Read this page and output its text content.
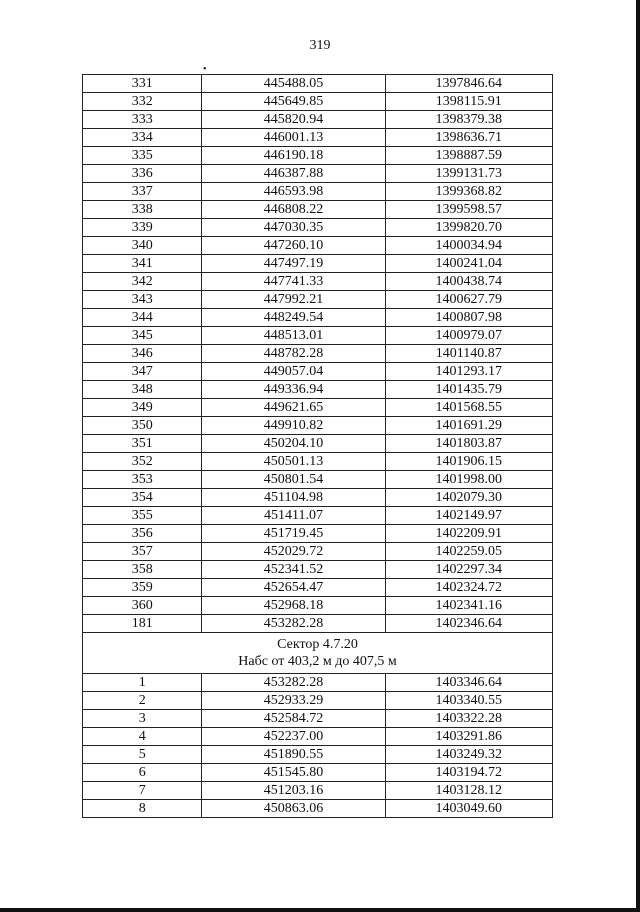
319
•
331	445488.05	1397846.64
332	445649.85	1398115.91
333	445820.94	1398379.38
334	446001.13	1398636.71
335	446190.18	1398887.59
336	446387.88	1399131.73
337	446593.98	1399368.82
338	446808.22	1399598.57
339	447030.35	1399820.70
340	447260.10	1400034.94
341	447497.19	1400241.04
342	447741.33	1400438.74
343	447992.21	1400627.79
344	448249.54	1400807.98
345	448513.01	1400979.07
346	448782.28	1401140.87
347	449057.04	1401293.17
348	449336.94	1401435.79
349	449621.65	1401568.55
350	449910.82	1401691.29
351	450204.10	1401803.87
352	450501.13	1401906.15
353	450801.54	1401998.00
354	451104.98	1402079.30
355	451411.07	1402149.97
356	451719.45	1402209.91
357	452029.72	1402259.05
358	452341.52	1402297.34
359	452654.47	1402324.72
360	452968.18	1402341.16
181	453282.28	1402346.64

Сектор 4.7.20
Набс от 403,2 м до 407,5 м		

1	453282.28	1403346.64
2	452933.29	1403340.55
3	452584.72	1403322.28
4	452237.00	1403291.86
5	451890.55	1403249.32
6	451545.80	1403194.72
7	451203.16	1403128.12
8	450863.06	1403049.60
